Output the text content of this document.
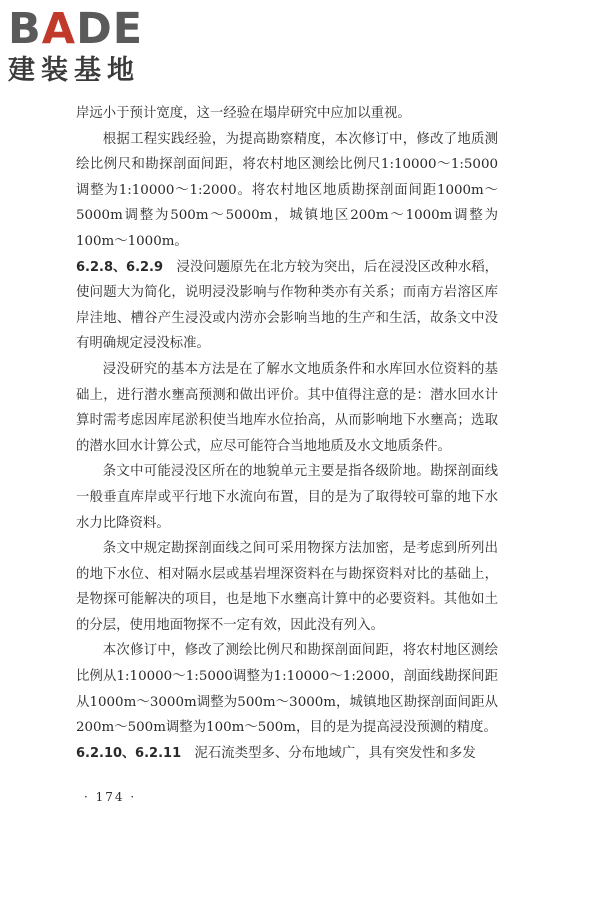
BADE
建装基地

岸远小于预计宽度，这一经验在塌岸研究中应加以重视。

根据工程实践经验，为提高勘察精度，本次修订中，修改了地质测绘比例尺和勘探剖面间距，将农村地区测绘比例尺1:10000～1:5000调整为1:10000～1:2000。将农村地区地质勘探剖面间距1000m～5000m调整为500m～5000m，城镇地区200m～1000m调整为100m～1000m。

6.2.8、6.2.9　 浸没问题原先在北方较为突出，后在浸没区改种水稻，使问题大为简化，说明浸没影响与作物种类亦有关系；而南方岩溶区库岸洼地、槽谷产生浸没或内涝亦会影响当地的生产和生活，故条文中没有明确规定浸没标准。

浸没研究的基本方法是在了解水文地质条件和水库回水位资料的基础上，进行潜水壅高预测和做出评价。其中值得注意的是：潜水回水计算时需考虑因库尾淤积使当地库水位抬高，从而影响地下水壅高；选取的潜水回水计算公式，应尽可能符合当地地质及水文地质条件。

条文中可能浸没区所在的地貌单元主要是指各级阶地。勘探剖面线一般垂直库岸或平行地下水流向布置，目的是为了取得较可靠的地下水水力比降资料。

条文中规定勘探剖面线之间可采用物探方法加密，是考虑到所列出的地下水位、相对隔水层或基岩埋深资料在与勘探资料对比的基础上，是物探可能解决的项目，也是地下水壅高计算中的必要资料。其他如土的分层，使用地面物探不一定有效，因此没有列入。

本次修订中，修改了测绘比例尺和勘探剖面间距，将农村地区测绘比例从1:10000～1:5000调整为1:10000～1:2000，剖面线勘探间距从1000m～3000m调整为500m～3000m，城镇地区勘探剖面间距从200m～500m调整为100m～500m，目的是为提高浸没预测的精度。

6.2.10、6.2.11　 泥石流类型多、分布地域广，具有突发性和多发

· 174 ·
